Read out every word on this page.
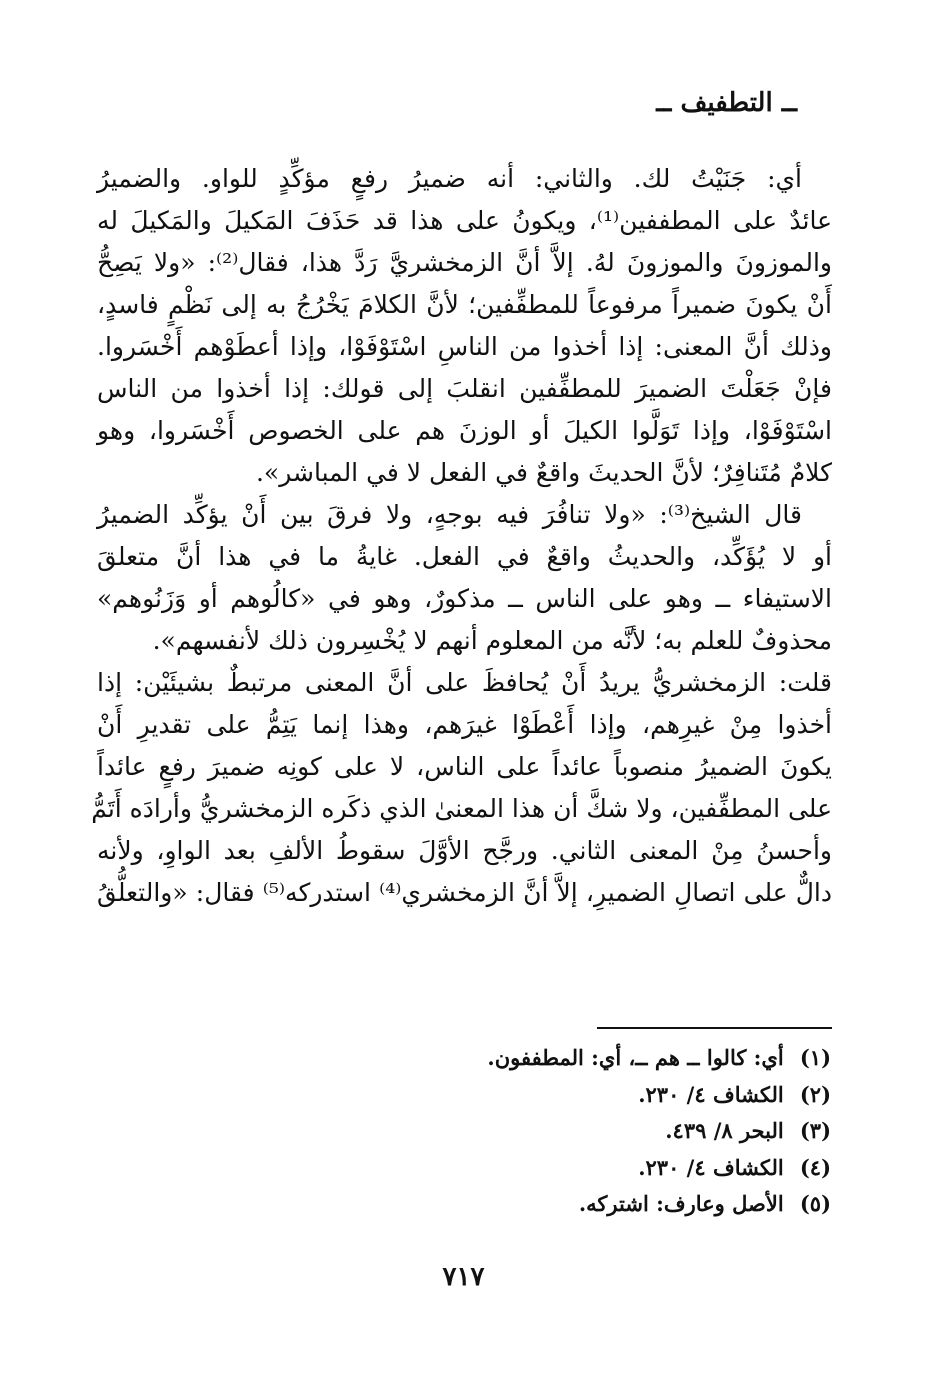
ــ التطفيف ــ
أي: جَنَيْتُ لك. والثاني: أنه ضميرُ رفعٍ مؤكِّدٍ للواو. والضميرُ
عائدٌ على المطففين⁽¹⁾، ويكونُ على هذا قد حَذَفَ المَكيلَ والمَكيلَ له
والموزونَ والموزونَ لهُ. إلاَّ أنَّ الزمخشريَّ رَدَّ هذا، فقال⁽²⁾: «ولا يَصِحُّ
أَنْ يكونَ ضميراً مرفوعاً للمطفِّفين؛ لأنَّ الكلامَ يَخْرُجُ به إلى نَظْمٍ فاسدٍ،
وذلك أنَّ المعنى: إذا أخذوا من الناسِ اسْتَوْفَوْا، وإذا أعطَوْهم أَخْسَروا.
فإنْ جَعَلْتَ الضميرَ للمطفِّفين انقلبَ إلى قولك: إذا أخذوا من الناس
اسْتَوْفَوْا، وإذا تَوَلَّوا الكيلَ أو الوزنَ هم على الخصوص أَخْسَروا، وهو
كلامٌ مُتَنافِرٌ؛ لأنَّ الحديثَ واقعٌ في الفعل لا في المباشر».
قال الشيخ⁽³⁾: «ولا تنافُرَ فيه بوجهٍ، ولا فرقَ بين أَنْ يؤكِّد الضميرُ
أو لا يُؤَكِّد، والحديثُ واقعٌ في الفعل. غايةُ ما في هذا أنَّ متعلقَ
الاستيفاء ــ وهو على الناس ــ مذكورٌ، وهو في «كالُوهم أو وَزَنُوهم»
محذوفٌ للعلم به؛ لأنَّه من المعلوم أنهم لا يُخْسِرون ذلك لأنفسهم».
قلت: الزمخشريُّ يريدُ أَنْ يُحافظَ على أنَّ المعنى مرتبطٌ بشيئَيْن: إذا
أخذوا مِنْ غيرِهم، وإذا أَعْطَوْا غيرَهم، وهذا إنما يَتِمُّ على تقديرِ أَنْ
يكونَ الضميرُ منصوباً عائداً على الناس، لا على كونِه ضميرَ رفعٍ عائداً
على المطفِّفين، ولا شكَّ أن هذا المعنىٰ الذي ذكَره الزمخشريُّ وأرادَه أَتَمُّ
وأحسنُ مِنْ المعنى الثاني. ورجَّح الأوَّلَ سقوطُ الألفِ بعد الواوِ، ولأنه
دالٌّ على اتصالِ الضميرِ، إلاَّ أنَّ الزمخشري⁽⁴⁾ استدركه⁽⁵⁾ فقال: «والتعلُّقُ
(١) أي: كالوا ــ هم ــ، أي: المطففون.
(٢) الكشاف ٤/ ٢٣٠.
(٣) البحر ٨/ ٤٣٩.
(٤) الكشاف ٤/ ٢٣٠.
(٥) الأصل وعارف: اشتركه.
٧١٧
